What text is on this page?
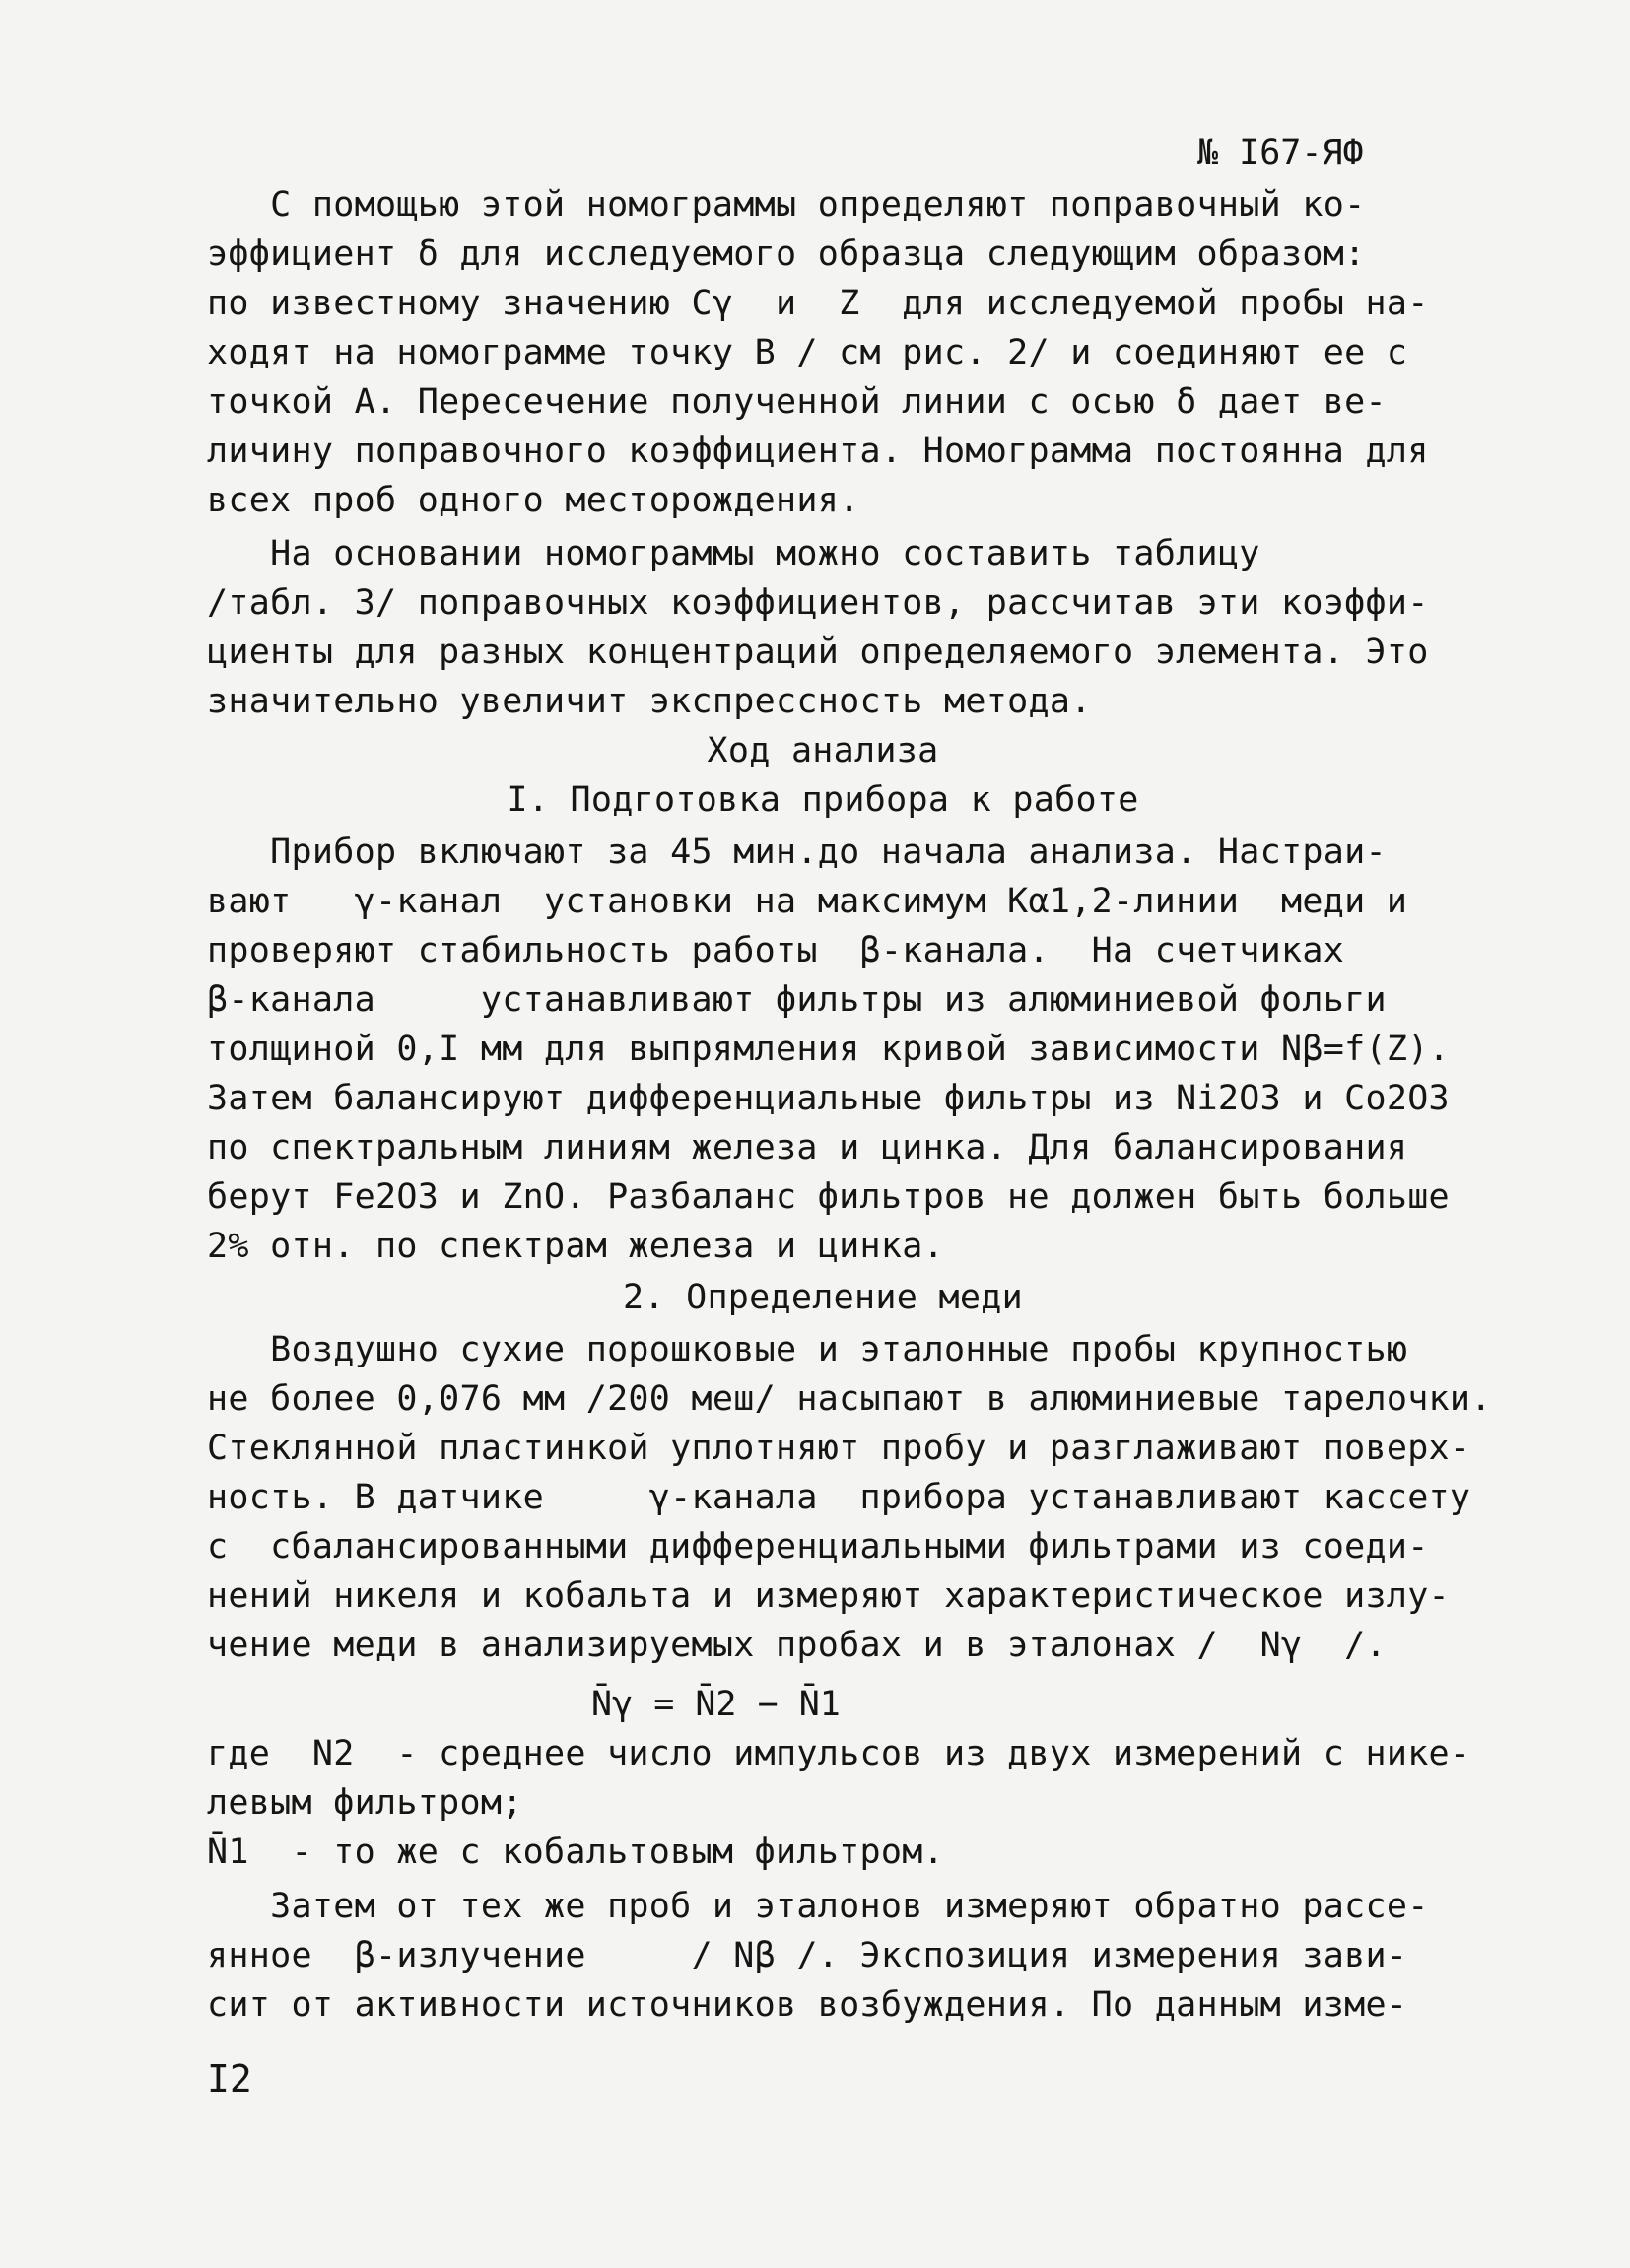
№ I67-ЯФ
С помощью этой номограммы определяют поправочный ко-
эффициент δ для исследуемого образца следующим образом:
по известному значению Cγ  и  Z  для исследуемой пробы на-
ходят на номограмме точку В / см рис. 2/ и соединяют ее с
точкой А. Пересечение полученной линии с осью δ дает ве-
личину поправочного коэффициента. Номограмма постоянна для
всех проб одного месторождения.
На основании номограммы можно составить таблицу
/табл. 3/ поправочных коэффициентов, рассчитав эти коэффи-
циенты для разных концентраций определяемого элемента. Это
значительно увеличит экспрессность метода.
Ход анализа
I. Подготовка прибора к работе
Прибор включают за 45 мин.до начала анализа. Настраи-
вают   γ-канал  установки на максимум Kα1,2-линии  меди и
проверяют стабильность работы  β-канала.  На счетчиках
β-канала     устанавливают фильтры из алюминиевой фольги
толщиной 0,I мм для выпрямления кривой зависимости Nβ=f(Z).
Затем балансируют дифференциальные фильтры из Ni2O3 и Co2O3
по спектральным линиям железа и цинка. Для балансирования
берут Fe2O3 и ZnO. Разбаланс фильтров не должен быть больше
2% отн. по спектрам железа и цинка.
2. Определение меди
Воздушно сухие порошковые и эталонные пробы крупностью
не более 0,076 мм /200 меш/ насыпают в алюминиевые тарелочки.
Стеклянной пластинкой уплотняют пробу и разглаживают поверх-
ность. В датчике     γ-канала  прибора устанавливают кассету
с  сбалансированными дифференциальными фильтрами из соеди-
нений никеля и кобальта и измеряют характеристическое излу-
чение меди в анализируемых пробах и в эталонах /  Nγ  /.
N̄γ = N̄2 − N̄1
где  N2  - среднее число импульсов из двух измерений с нике-
левым фильтром;
N̄1  - то же с кобальтовым фильтром.
Затем от тех же проб и эталонов измеряют обратно рассе-
янное  β-излучение     / Nβ /. Экспозиция измерения зави-
сит от активности источников возбуждения. По данным изме-
I2
